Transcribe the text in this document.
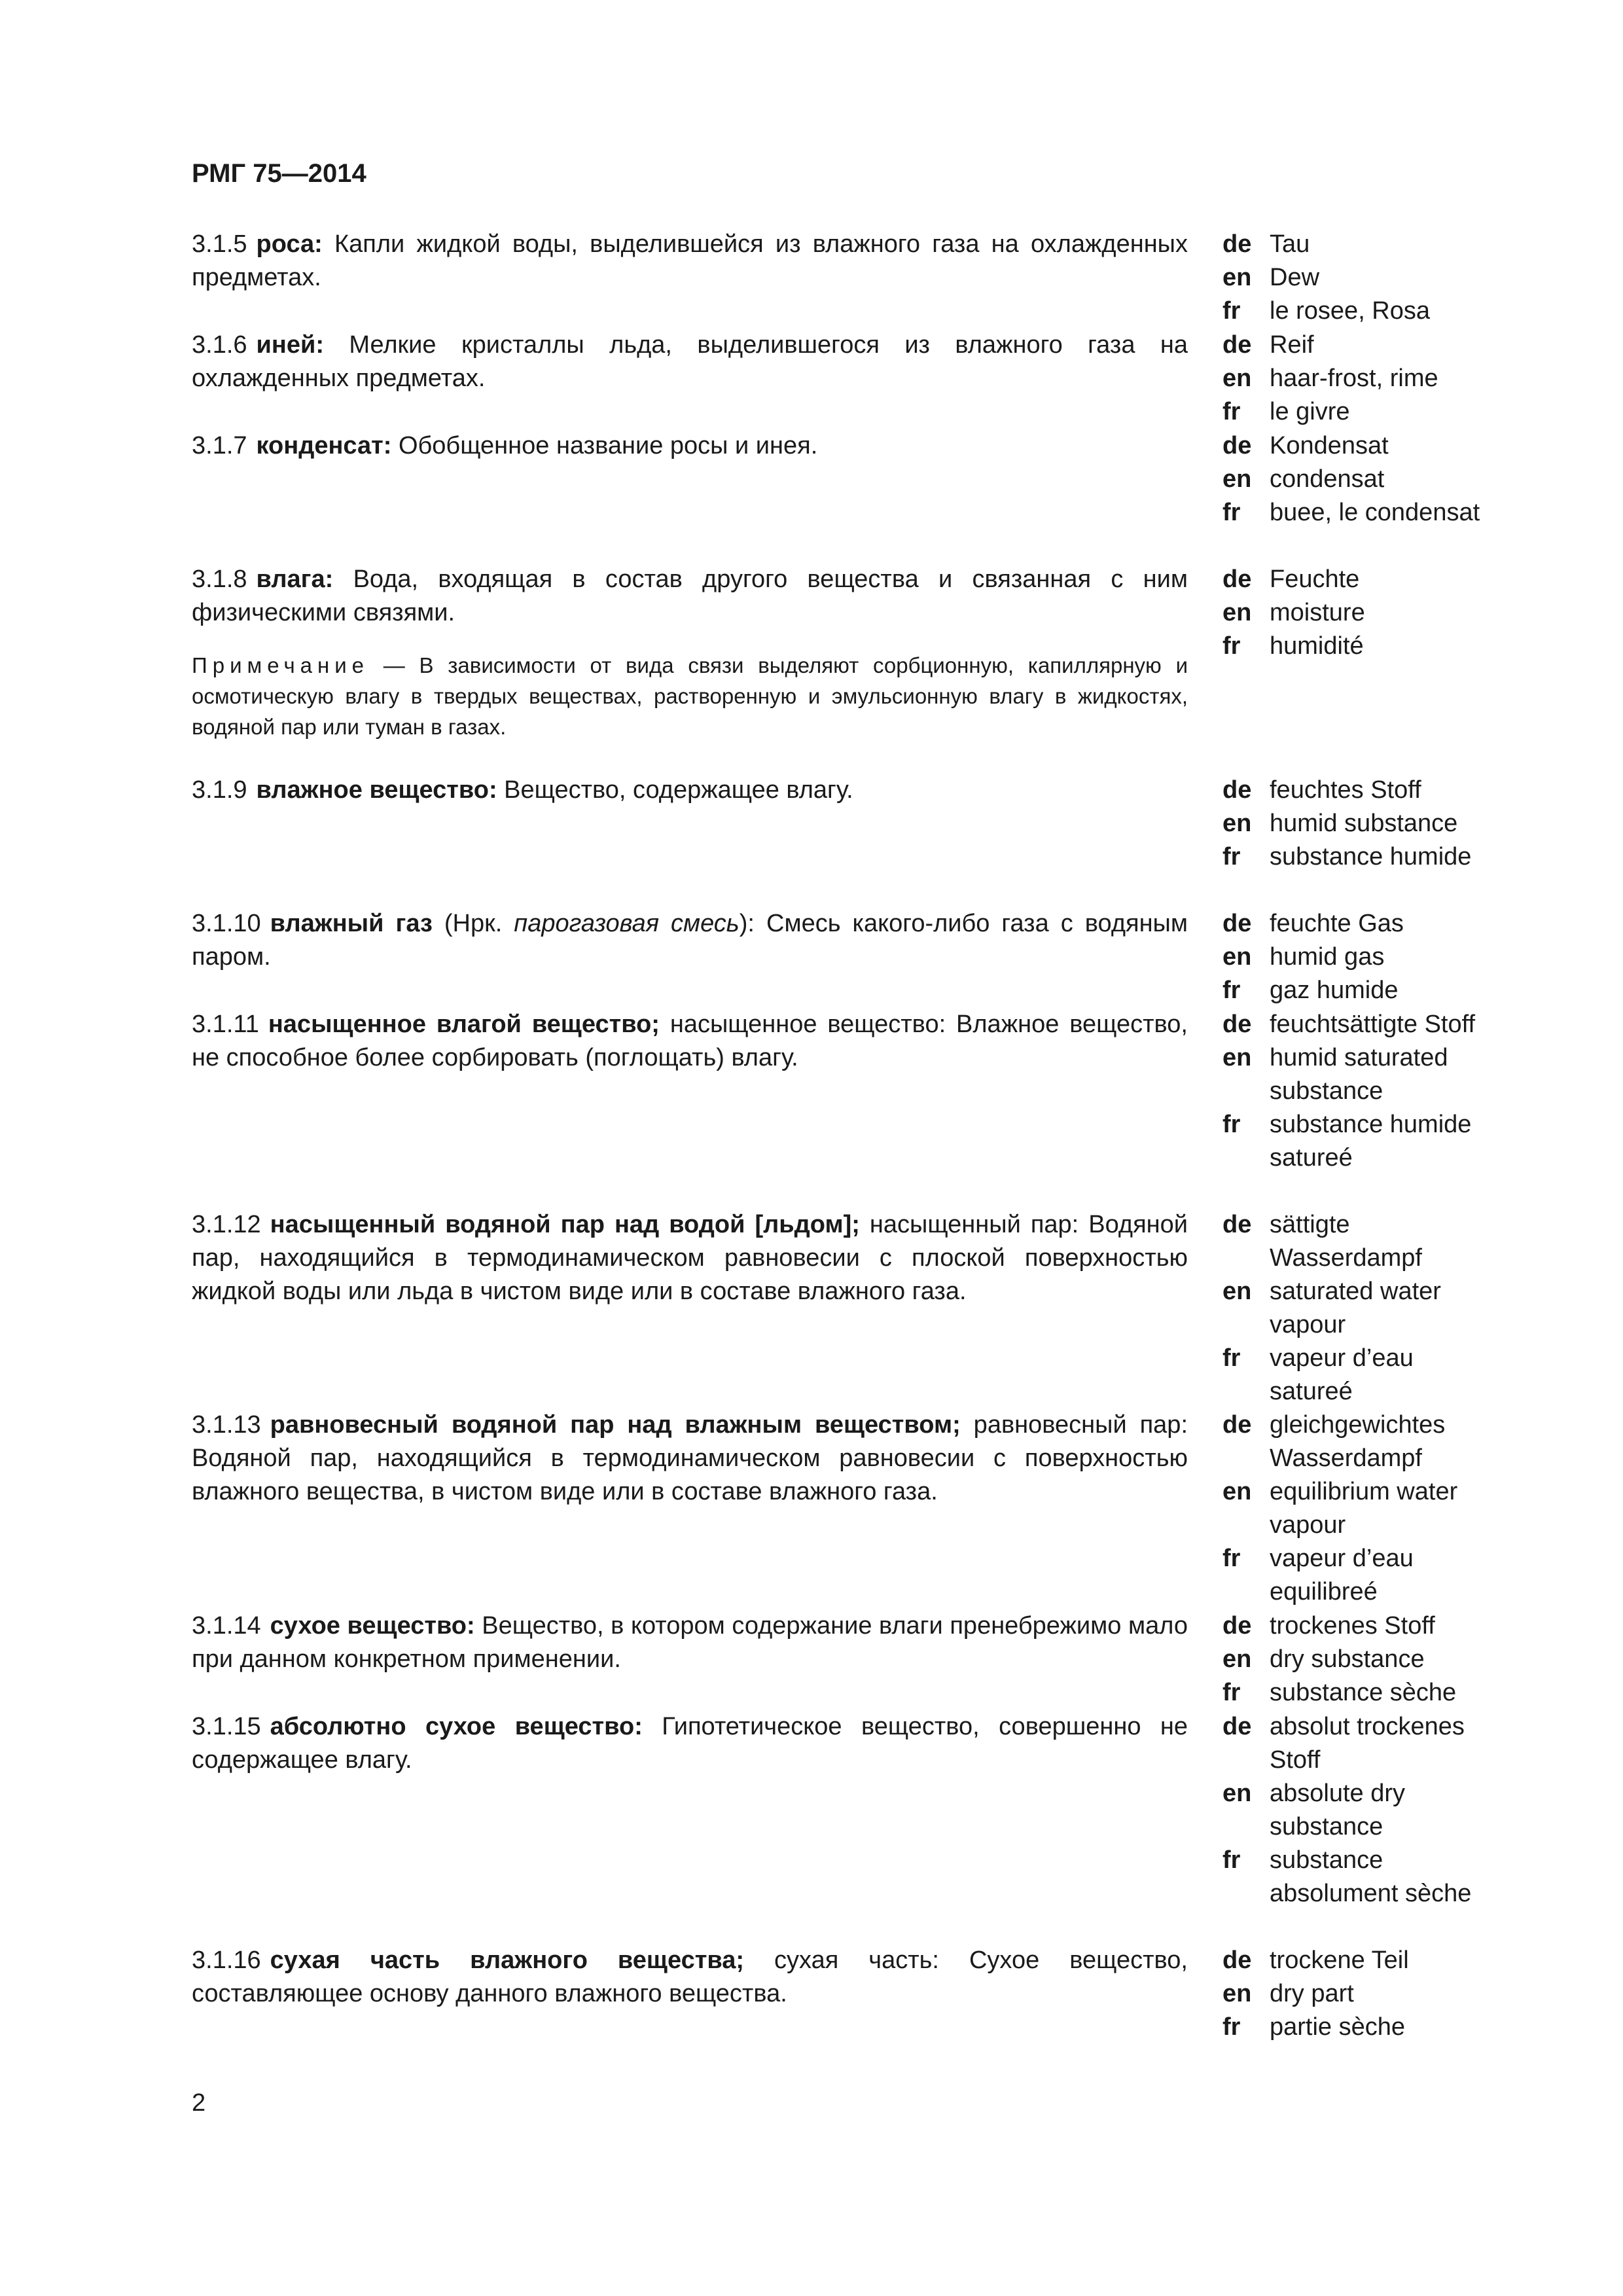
РМГ 75—2014
3.1.5 роса: Капли жидкой воды, выделившейся из влажного газа на охлажденных предметах.
de Tau
en Dew
fr le rosee, Rosa
3.1.6 иней: Мелкие кристаллы льда, выделившегося из влажного газа на охлажденных предметах.
de Reif
en haar-frost, rime
fr le givre
3.1.7 конденсат: Обобщенное название росы и инея.	de Kondensat
en condensat
fr buee, le condensat
3.1.8 влага: Вода, входящая в состав другого вещества и связанная с ним физическими связями.
Примечание — В зависимости от вида связи выделяют сорбционную, капиллярную и осмотическую влагу в твердых веществах, растворенную и эмульсионную влагу в жидкостях, водяной пар или туман в газах.
de Feuchte
en moisture
fr humidité
3.1.9 влажное вещество: Вещество, содержащее влагу.	de feuchtes Stoff
en humid substance
fr substance humide
3.1.10 влажный газ (Нрк. парогазовая смесь): Смесь какого-либо газа с водяным паром.
de feuchte Gas
en humid gas
fr gaz humide
3.1.11 насыщенное влагой вещество; насыщенное вещество: Влажное вещество, не способное более сорбировать (поглощать) влагу.
de feuchtsättigte Stoff
en humid saturated substance
fr substance humide satureé
3.1.12 насыщенный водяной пар над водой [льдом]; насыщенный пар: Водяной пар, находящийся в термодинамическом равновесии с плоской поверхностью жидкой воды или льда в чистом виде или в составе влажного газа.
de sättigte Wasserdampf
en saturated water vapour
fr vapeur d’eau satureé
3.1.13 равновесный водяной пар над влажным веществом; равновесный пар: Водяной пар, находящийся в термодинамическом равновесии с поверхностью влажного вещества, в чистом виде или в составе влажного газа.
de gleichgewichtes Wasserdampf
en equilibrium water vapour
fr vapeur d’eau equilibreé
3.1.14 сухое вещество: Вещество, в котором содержание влаги пренебрежимо мало при данном конкретном применении.
de trockenes Stoff
en dry substance
fr substance sèche
3.1.15 абсолютно сухое вещество: Гипотетическое вещество, совершенно не содержащее влагу.
de absolut trockenes Stoff
en absolute dry substance
fr substance absolument sèche
3.1.16 сухая часть влажного вещества; сухая часть: Сухое вещество, составляющее основу данного влажного вещества.
de trockene Teil
en dry part
fr partie sèche
2
